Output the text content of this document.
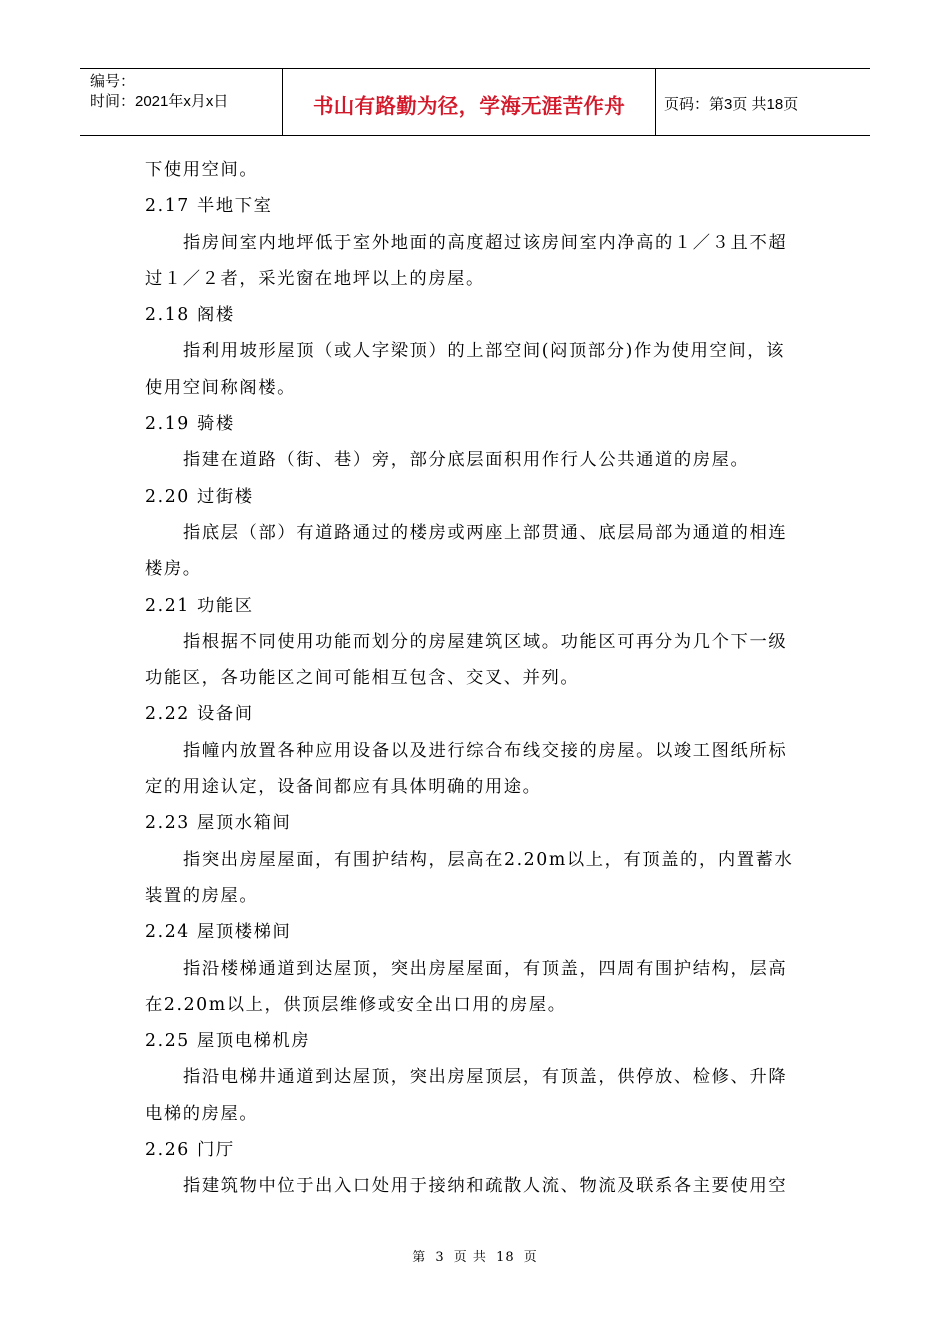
编号：
时间：2021年x月x日	书山有路勤为径，学海无涯苦作舟	页码：第3页 共18页
下使用空间。
2.17 半地下室
指房间室内地坪低于室外地面的高度超过该房间室内净高的１／３且不超
过１／２者，采光窗在地坪以上的房屋。
2.18 阁楼
指利用坡形屋顶（或人字梁顶）的上部空间(闷顶部分)作为使用空间，该
使用空间称阁楼。
2.19 骑楼
指建在道路（街、巷）旁，部分底层面积用作行人公共通道的房屋。
2.20 过街楼
指底层（部）有道路通过的楼房或两座上部贯通、底层局部为通道的相连
楼房。
2.21 功能区
指根据不同使用功能而划分的房屋建筑区域。功能区可再分为几个下一级
功能区，各功能区之间可能相互包含、交叉、并列。
2.22 设备间
指幢内放置各种应用设备以及进行综合布线交接的房屋。以竣工图纸所标
定的用途认定，设备间都应有具体明确的用途。
2.23 屋顶水箱间
指突出房屋屋面，有围护结构，层高在2.20m以上，有顶盖的，内置蓄水
装置的房屋。
2.24 屋顶楼梯间
指沿楼梯通道到达屋顶，突出房屋屋面，有顶盖，四周有围护结构，层高
在2.20m以上，供顶层维修或安全出口用的房屋。
2.25 屋顶电梯机房
指沿电梯井通道到达屋顶，突出房屋顶层，有顶盖，供停放、检修、升降
电梯的房屋。
2.26 门厅
指建筑物中位于出入口处用于接纳和疏散人流、物流及联系各主要使用空
第 3 页 共 18 页
